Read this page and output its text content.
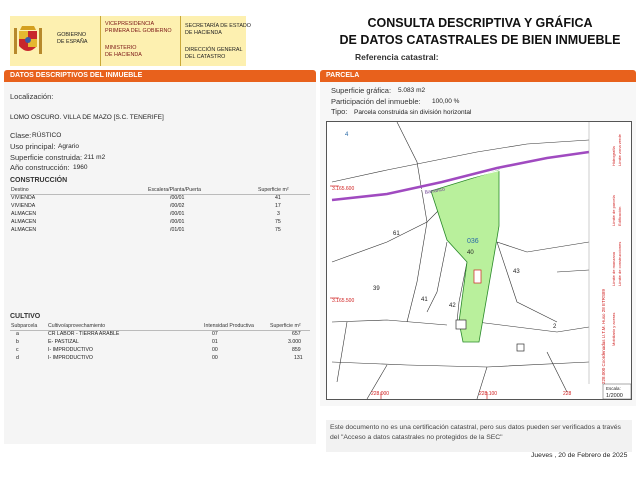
GOBIERNO
DE ESPAÑA
VICEPRESIDENCIA
PRIMERA DEL GOBIERNO
MINISTERIO
DE HACIENDA
SECRETARÍA DE ESTADO
DE HACIENDA
DIRECCIÓN GENERAL
DEL CATASTRO
CONSULTA DESCRIPTIVA Y GRÁFICA
DE DATOS CATASTRALES DE BIEN INMUEBLE
Referencia catastral:
DATOS DESCRIPTIVOS DEL INMUEBLE
Localización:
LOMO OSCURO. VILLA DE MAZO [S.C. TENERIFE]
Clase: RÚSTICO
Uso principal: Agrario
Superficie construida: 211 m2
Año construcción: 1960
CONSTRUCCIÓN
Destino	Escalera/Planta/Puerta	Superficie m²
VIVIENDA	/00/01	41
VIVIENDA	/00/02	17
ALMACEN	/00/01	3
ALMACEN	/00/01	75
ALMACEN	/01/01	75
CULTIVO
Subparcela Cultivo/aprovechamiento	Intensidad Productiva	Superficie m²
a	CR LABOR - TIERRA ARABLE	07	657
b	E- PASTIZAL	01	3.000
c	I- IMPRODUCTIVO	00	859
d	I- IMPRODUCTIVO	00	131
PARCELA
Superficie gráfica: 5.083 m2
Participación del inmueble: 100,00 %
Tipo: Parcela construida sin división horizontal
036
40
43
39
41
42
61
2
4
Barranco
3.165.600
3.165.500
228.000	228.100	228
228.000 Coordenadas U.T.M. Huso 28 ETRS89
Hidrografía Límite zona verde
Límite de parcela Edificación
Límite de manzana Límite de construcciones
Mobiliario y aceras
Escala:
1/2000
Este documento no es una certificación catastral, pero sus datos pueden ser verificados a través del "Acceso a datos catastrales no protegidos de la SEC"
Jueves , 20 de Febrero de 2025
